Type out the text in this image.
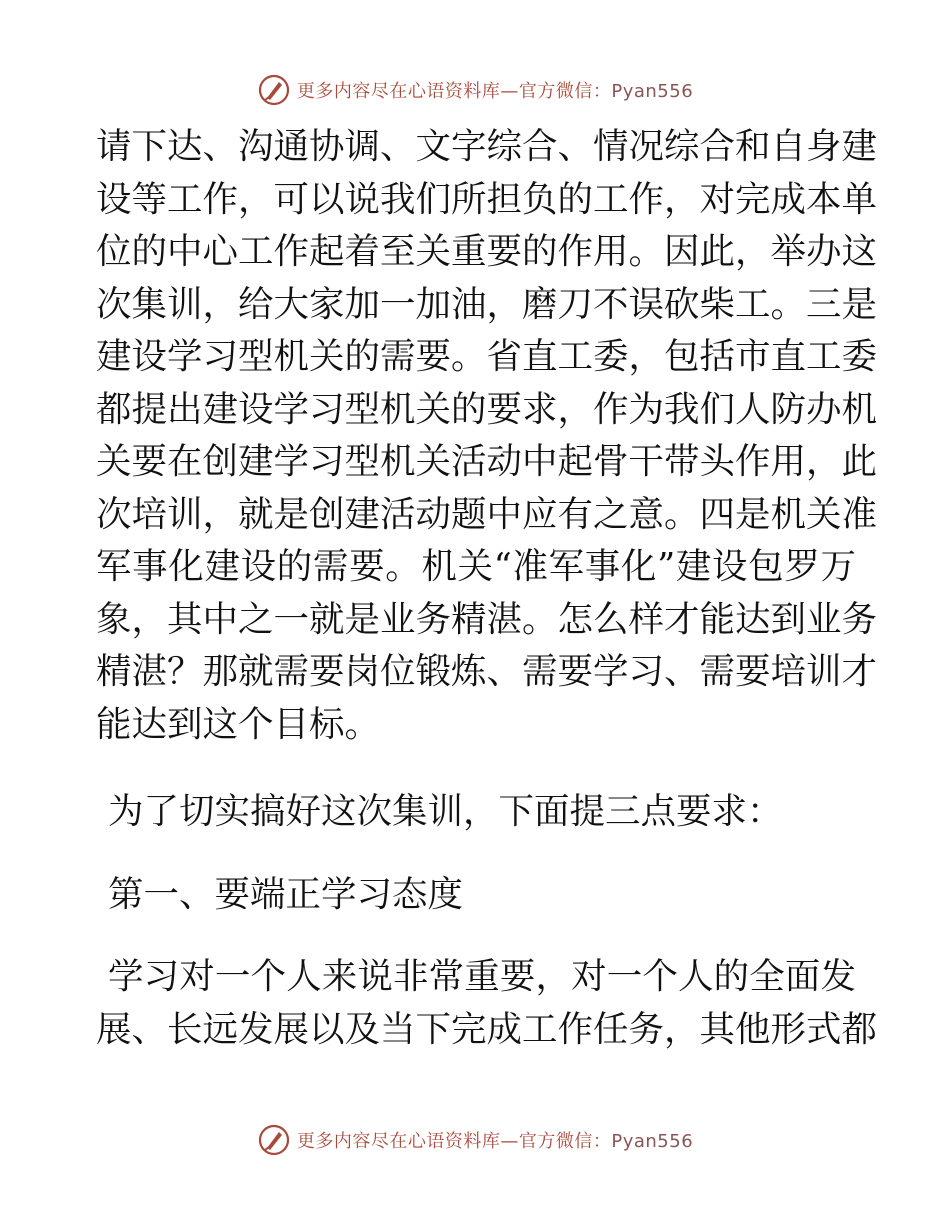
更多内容尽在心语资料库—官方微信：Pyan556
请下达、沟通协调、文字综合、情况综合和自身建
设等工作，可以说我们所担负的工作，对完成本单
位的中心工作起着至关重要的作用。因此，举办这
次集训，给大家加一加油，磨刀不误砍柴工。三是
建设学习型机关的需要。省直工委，包括市直工委
都提出建设学习型机关的要求，作为我们人防办机
关要在创建学习型机关活动中起骨干带头作用，此
次培训，就是创建活动题中应有之意。四是机关准
军事化建设的需要。机关“准军事化”建设包罗万
象，其中之一就是业务精湛。怎么样才能达到业务
精湛？那就需要岗位锻炼、需要学习、需要培训才
能达到这个目标。
为了切实搞好这次集训，下面提三点要求：
第一、要端正学习态度
学习对一个人来说非常重要，对一个人的全面发
展、长远发展以及当下完成工作任务，其他形式都
更多内容尽在心语资料库—官方微信：Pyan556
